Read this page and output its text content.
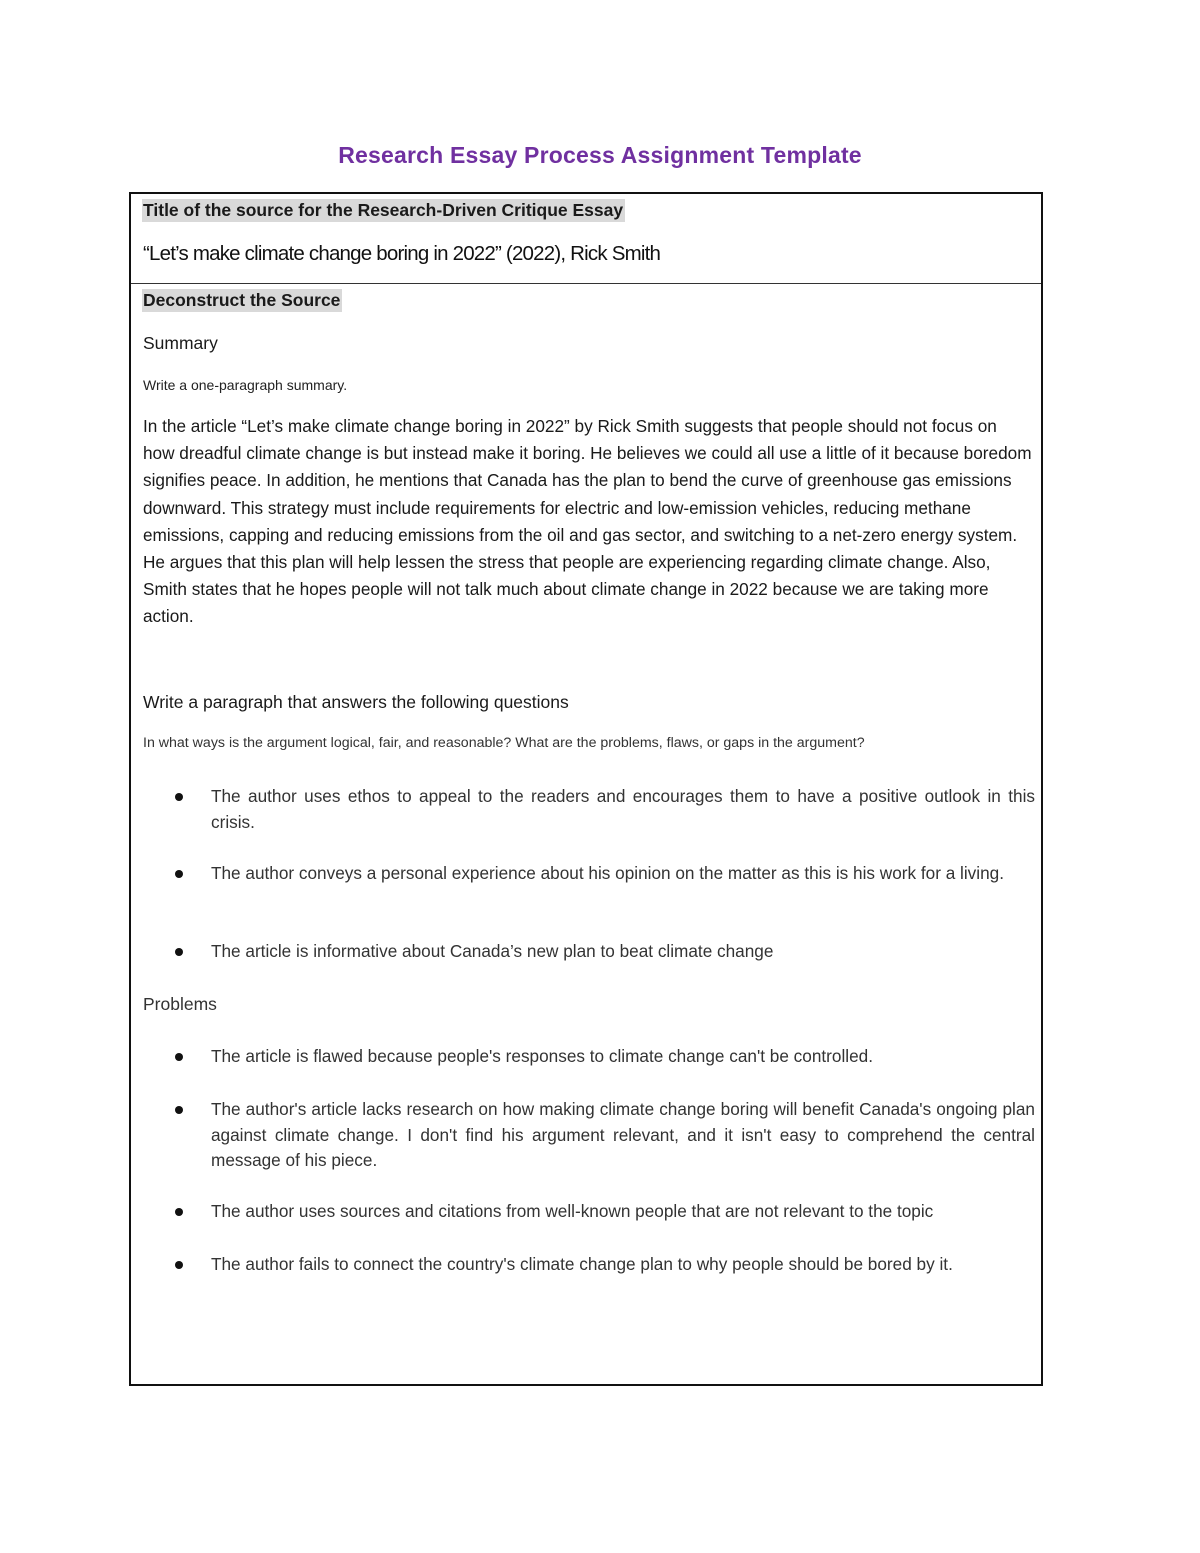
Research Essay Process Assignment Template
Title of the source for the Research-Driven Critique Essay
“Let’s make climate change boring in 2022” (2022), Rick Smith
Deconstruct the Source
Summary
Write a one-paragraph summary.

In the article “Let’s make climate change boring in 2022” by Rick Smith suggests that people should not focus on how dreadful climate change is but instead make it boring. He believes we could all use a little of it because boredom signifies peace. In addition, he mentions that Canada has the plan to bend the curve of greenhouse gas emissions downward. This strategy must include requirements for electric and low-emission vehicles, reducing methane emissions, capping and reducing emissions from the oil and gas sector, and switching to a net-zero energy system. He argues that this plan will help lessen the stress that people are experiencing regarding climate change. Also, Smith states that he hopes people will not talk much about climate change in 2022 because we are taking more action.

Write a paragraph that answers the following questions
In what ways is the argument logical, fair, and reasonable? What are the problems, flaws, or gaps in the argument?
The author uses ethos to appeal to the readers and encourages them to have a positive outlook in this crisis.
The author conveys a personal experience about his opinion on the matter as this is his work for a living.
The article is informative about Canada’s new plan to beat climate change
Problems
The article is flawed because people's responses to climate change can't be controlled.
The author's article lacks research on how making climate change boring will benefit Canada's ongoing plan against climate change. I don't find his argument relevant, and it isn't easy to comprehend the central message of his piece.
The author uses sources and citations from well-known people that are not relevant to the topic
The author fails to connect the country's climate change plan to why people should be bored by it.
